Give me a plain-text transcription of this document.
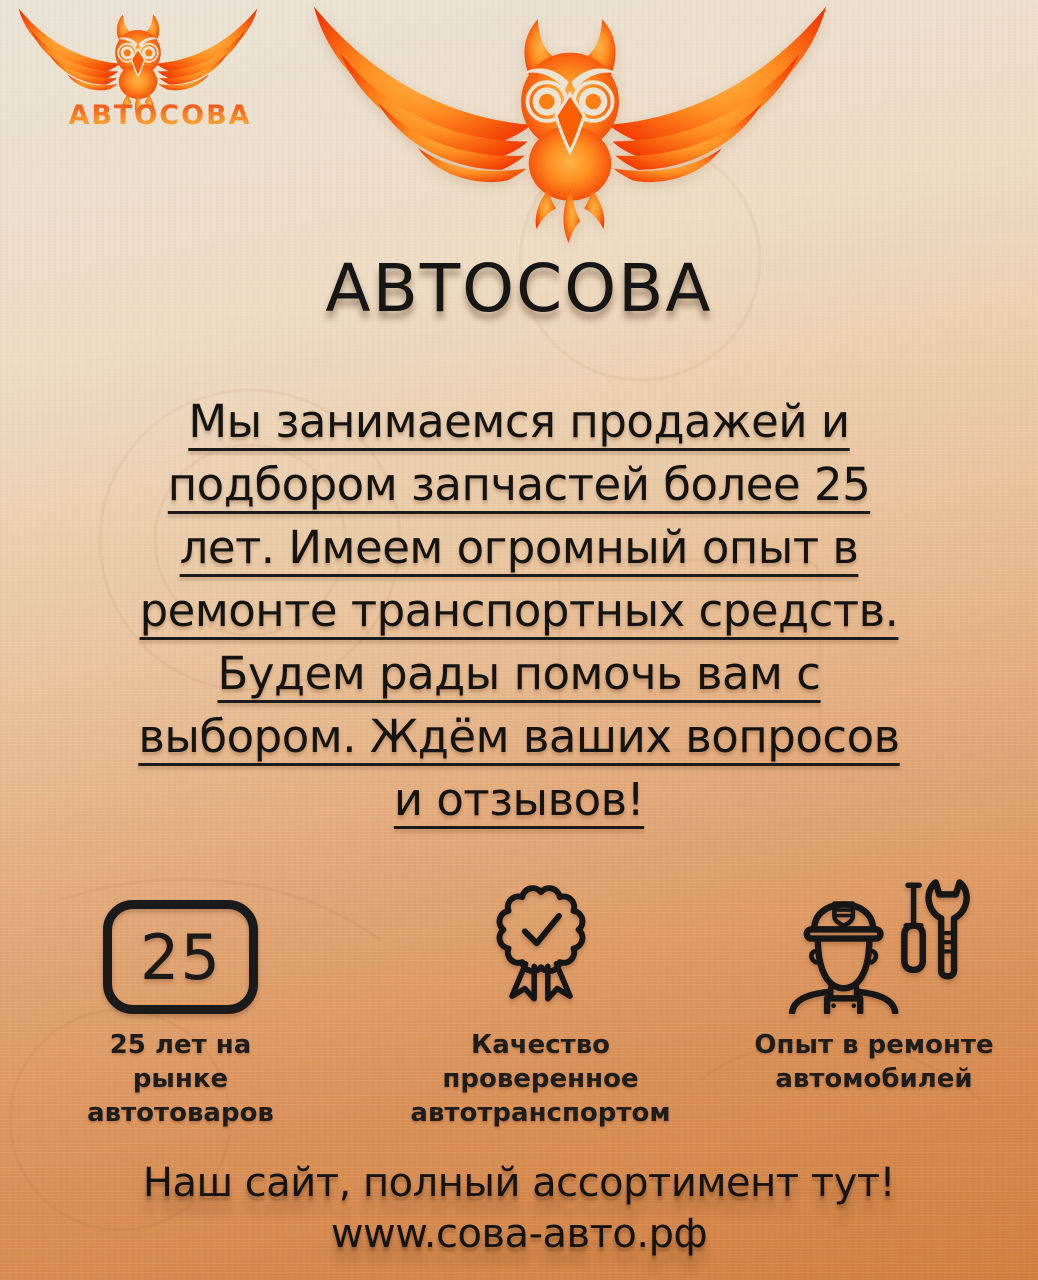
АВТОСОВА
АВТОСОВА
Мы занимаемся продажей и
подбором запчастей более 25
лет. Имеем огромный опыт в
ремонте транспортных средств.
Будем рады помочь вам с
выбором. Ждём ваших вопросов
и отзывов!
25
25 лет на рынке
автотоваров
Качество
проверенное
автотранспортом
Опыт в ремонте
автомобилей
Наш сайт, полный ассортимент тут!
www.сова-авто.рф
